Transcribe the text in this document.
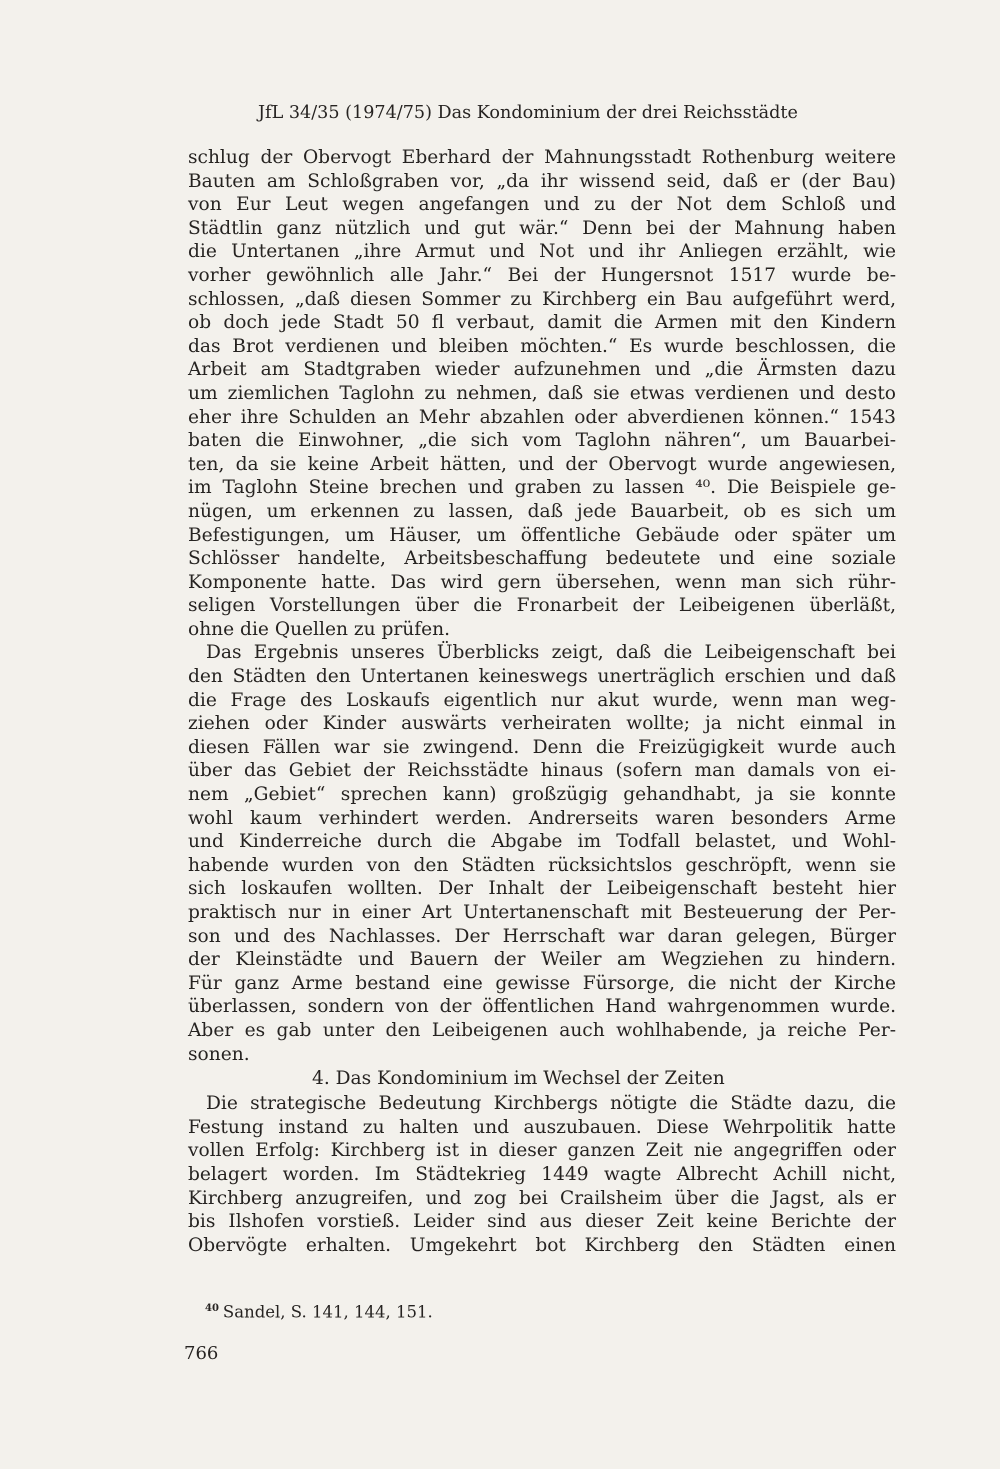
JfL 34/35 (1974/75) Das Kondominium der drei Reichsstädte
schlug der Obervogt Eberhard der Mahnungsstadt Rothenburg weitere
Bauten am Schloßgraben vor, „da ihr wissend seid, daß er (der Bau)
von Eur Leut wegen angefangen und zu der Not dem Schloß und
Städtlin ganz nützlich und gut wär.“ Denn bei der Mahnung haben
die Untertanen „ihre Armut und Not und ihr Anliegen erzählt, wie
vorher gewöhnlich alle Jahr.“ Bei der Hungersnot 1517 wurde be-
schlossen, „daß diesen Sommer zu Kirchberg ein Bau aufgeführt werd,
ob doch jede Stadt 50 fl verbaut, damit die Armen mit den Kindern
das Brot verdienen und bleiben möchten.“ Es wurde beschlossen, die
Arbeit am Stadtgraben wieder aufzunehmen und „die Ärmsten dazu
um ziemlichen Taglohn zu nehmen, daß sie etwas verdienen und desto
eher ihre Schulden an Mehr abzahlen oder abverdienen können.“ 1543
baten die Einwohner, „die sich vom Taglohn nähren“, um Bauarbei-
ten, da sie keine Arbeit hätten, und der Obervogt wurde angewiesen,
im Taglohn Steine brechen und graben zu lassen ⁴⁰. Die Beispiele ge-
nügen, um erkennen zu lassen, daß jede Bauarbeit, ob es sich um
Befestigungen, um Häuser, um öffentliche Gebäude oder später um
Schlösser handelte, Arbeitsbeschaffung bedeutete und eine soziale
Komponente hatte. Das wird gern übersehen, wenn man sich rühr-
seligen Vorstellungen über die Fronarbeit der Leibeigenen überläßt,
ohne die Quellen zu prüfen.
Das Ergebnis unseres Überblicks zeigt, daß die Leibeigenschaft bei
den Städten den Untertanen keineswegs unerträglich erschien und daß
die Frage des Loskaufs eigentlich nur akut wurde, wenn man weg-
ziehen oder Kinder auswärts verheiraten wollte; ja nicht einmal in
diesen Fällen war sie zwingend. Denn die Freizügigkeit wurde auch
über das Gebiet der Reichsstädte hinaus (sofern man damals von ei-
nem „Gebiet“ sprechen kann) großzügig gehandhabt, ja sie konnte
wohl kaum verhindert werden. Andrerseits waren besonders Arme
und Kinderreiche durch die Abgabe im Todfall belastet, und Wohl-
habende wurden von den Städten rücksichtslos geschröpft, wenn sie
sich loskaufen wollten. Der Inhalt der Leibeigenschaft besteht hier
praktisch nur in einer Art Untertanenschaft mit Besteuerung der Per-
son und des Nachlasses. Der Herrschaft war daran gelegen, Bürger
der Kleinstädte und Bauern der Weiler am Wegziehen zu hindern.
Für ganz Arme bestand eine gewisse Fürsorge, die nicht der Kirche
überlassen, sondern von der öffentlichen Hand wahrgenommen wurde.
Aber es gab unter den Leibeigenen auch wohlhabende, ja reiche Per-
sonen.
4. Das Kondominium im Wechsel der Zeiten
Die strategische Bedeutung Kirchbergs nötigte die Städte dazu, die
Festung instand zu halten und auszubauen. Diese Wehrpolitik hatte
vollen Erfolg: Kirchberg ist in dieser ganzen Zeit nie angegriffen oder
belagert worden. Im Städtekrieg 1449 wagte Albrecht Achill nicht,
Kirchberg anzugreifen, und zog bei Crailsheim über die Jagst, als er
bis Ilshofen vorstieß. Leider sind aus dieser Zeit keine Berichte der
Obervögte erhalten. Umgekehrt bot Kirchberg den Städten einen
$^{40}$ Sandel, S. 141, 144, 151.
766
